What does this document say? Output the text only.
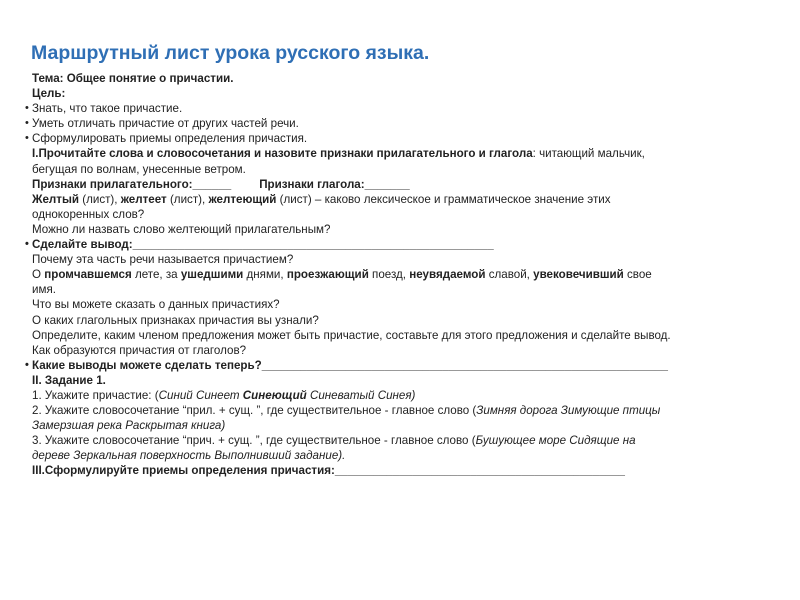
Маршрутный лист урока русского языка.
Тема: Общее понятие о причастии.
Цель:
• Знать, что такое причастие.
• Уметь отличать причастие от других частей речи.
• Сформулировать приемы определения причастия.
I.Прочитайте слова и словосочетания и назовите признаки прилагательного и глагола: читающий мальчик,
бегущая по волнам, унесенные ветром.
Признаки прилагательного:______ Признаки глагола:_______
Желтый (лист), желтеет (лист), желтеющий (лист) – каково лексическое и грамматическое значение этих
однокоренных слов?
Можно ли назвать слово желтеющий прилагательным?
• Сделайте вывод:________________________________________________________
Почему эта часть речи называется причастием?
О промчавшемся лете, за ушедшими днями, проезжающий поезд, неувядаемой славой, увековечивший свое
имя.
Что вы можете сказать о данных причастиях?
О каких глагольных признаках причастия вы узнали?
Определите, каким членом предложения может быть причастие, составьте для этого предложения и сделайте вывод.
Как образуются причастия от глаголов?
• Какие выводы можете сделать теперь?_______________________________________________________________
II. Задание 1.
1. Укажите причастие: (Синий Синеет Синеющий Синеватый Синея)
2. Укажите словосочетание “прил. + сущ. ”, где существительное - главное слово (Зимняя дорога Зимующие птицы
Замерзшая река Раскрытая книга)
3. Укажите словосочетание “прич. + сущ. ”, где существительное - главное слово (Бушующее море Сидящие на
дереве Зеркальная поверхность Выполнивший задание).
III.Сформулируйте приемы определения причастия:_____________________________________________
